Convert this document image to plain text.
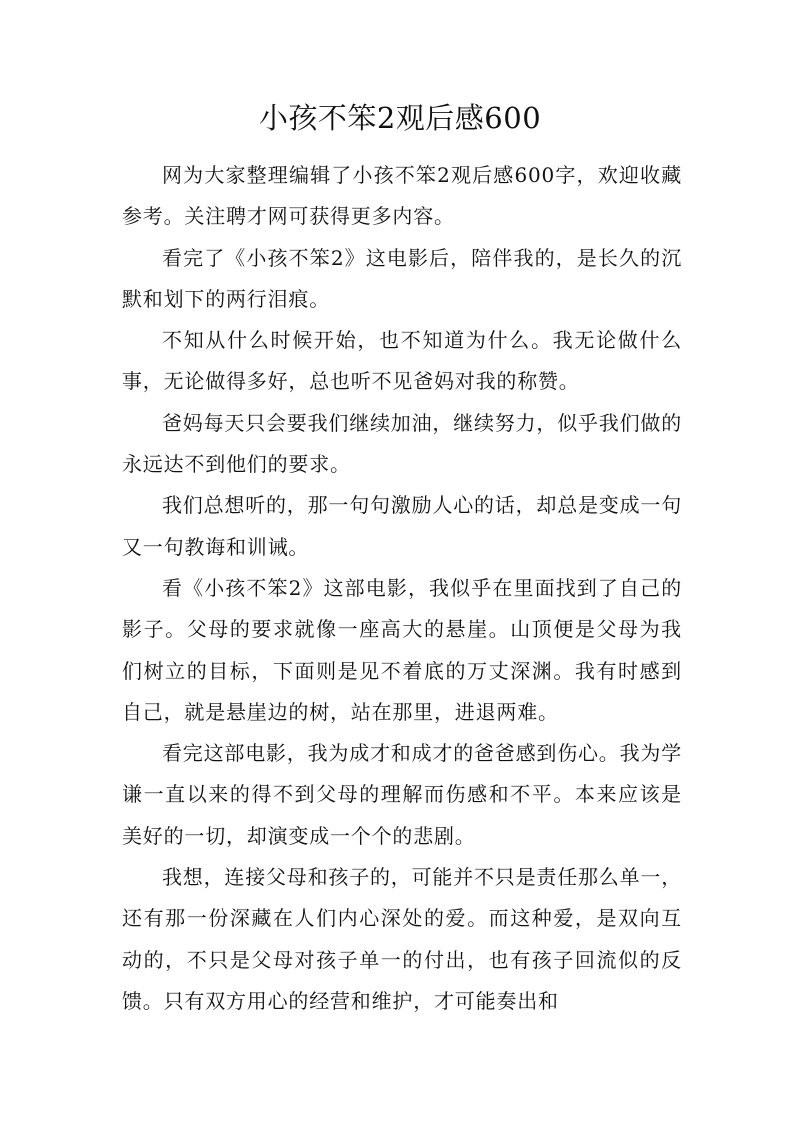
小孩不笨2观后感600

网为大家整理编辑了小孩不笨2观后感600字，欢迎收藏参考。关注聘才网可获得更多内容。

看完了《小孩不笨2》这电影后，陪伴我的，是长久的沉默和划下的两行泪痕。

不知从什么时候开始，也不知道为什么。我无论做什么事，无论做得多好，总也听不见爸妈对我的称赞。

爸妈每天只会要我们继续加油，继续努力，似乎我们做的永远达不到他们的要求。

我们总想听的，那一句句激励人心的话，却总是变成一句又一句教诲和训诫。

看《小孩不笨2》这部电影，我似乎在里面找到了自己的影子。父母的要求就像一座高大的悬崖。山顶便是父母为我们树立的目标，下面则是见不着底的万丈深渊。我有时感到自己，就是悬崖边的树，站在那里，进退两难。

看完这部电影，我为成才和成才的爸爸感到伤心。我为学谦一直以来的得不到父母的理解而伤感和不平。本来应该是美好的一切，却演变成一个个的悲剧。

我想，连接父母和孩子的，可能并不只是责任那么单一，还有那一份深藏在人们内心深处的爱。而这种爱，是双向互动的，不只是父母对孩子单一的付出，也有孩子回流似的反馈。只有双方用心的经营和维护，才可能奏出和
